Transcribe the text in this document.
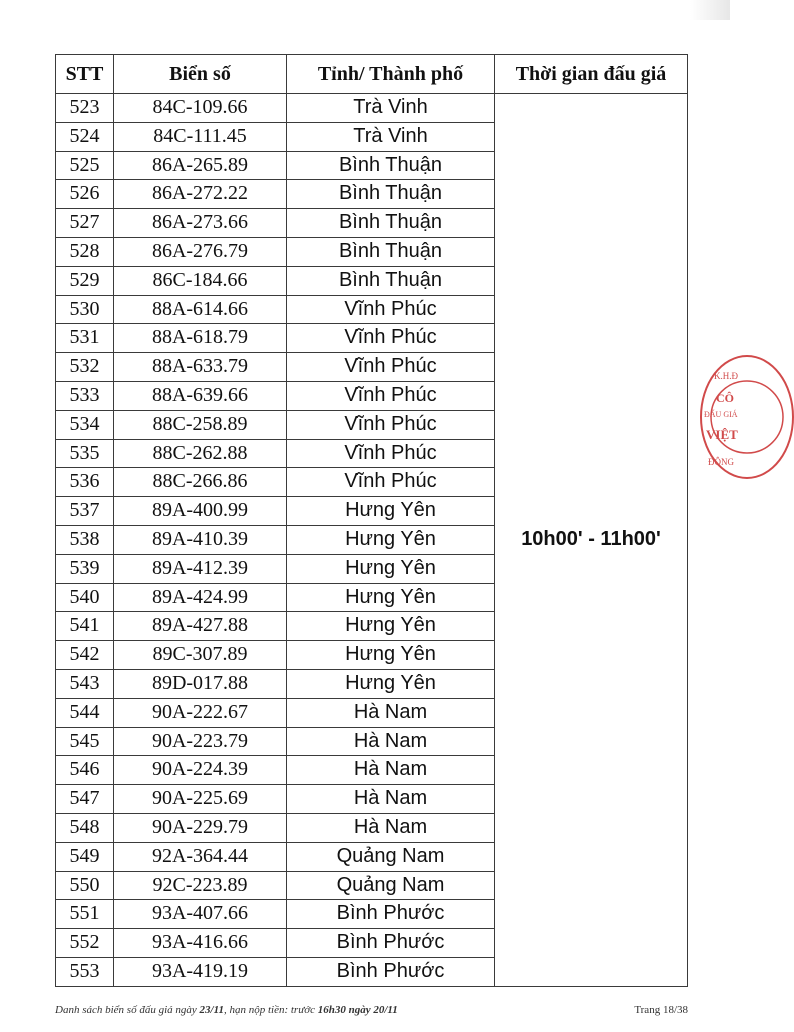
STT	Biển số	Tỉnh/ Thành phố	Thời gian đấu giá
523	84C-109.66	Trà Vinh	10h00' - 11h00'
524	84C-111.45	Trà Vinh	
525	86A-265.89	Bình Thuận	
526	86A-272.22	Bình Thuận	
527	86A-273.66	Bình Thuận	
528	86A-276.79	Bình Thuận	
529	86C-184.66	Bình Thuận	
530	88A-614.66	Vĩnh Phúc	
531	88A-618.79	Vĩnh Phúc	
532	88A-633.79	Vĩnh Phúc	
533	88A-639.66	Vĩnh Phúc	
534	88C-258.89	Vĩnh Phúc	
535	88C-262.88	Vĩnh Phúc	
536	88C-266.86	Vĩnh Phúc	
537	89A-400.99	Hưng Yên	
538	89A-410.39	Hưng Yên	
539	89A-412.39	Hưng Yên	
540	89A-424.99	Hưng Yên	
541	89A-427.88	Hưng Yên	
542	89C-307.89	Hưng Yên	
543	89D-017.88	Hưng Yên	
544	90A-222.67	Hà Nam	
545	90A-223.79	Hà Nam	
546	90A-224.39	Hà Nam	
547	90A-225.69	Hà Nam	
548	90A-229.79	Hà Nam	
549	92A-364.44	Quảng Nam	
550	92C-223.89	Quảng Nam	
551	93A-407.66	Bình Phước	
552	93A-416.66	Bình Phước	
553	93A-419.19	Bình Phước	
Danh sách biển số đấu giá ngày 23/11, hạn nộp tiền: trước 16h30 ngày 20/11	Trang 18/38
K.H.Đ
CÔ
ĐẤU GIÁ
VIỆT
ĐÔNG
